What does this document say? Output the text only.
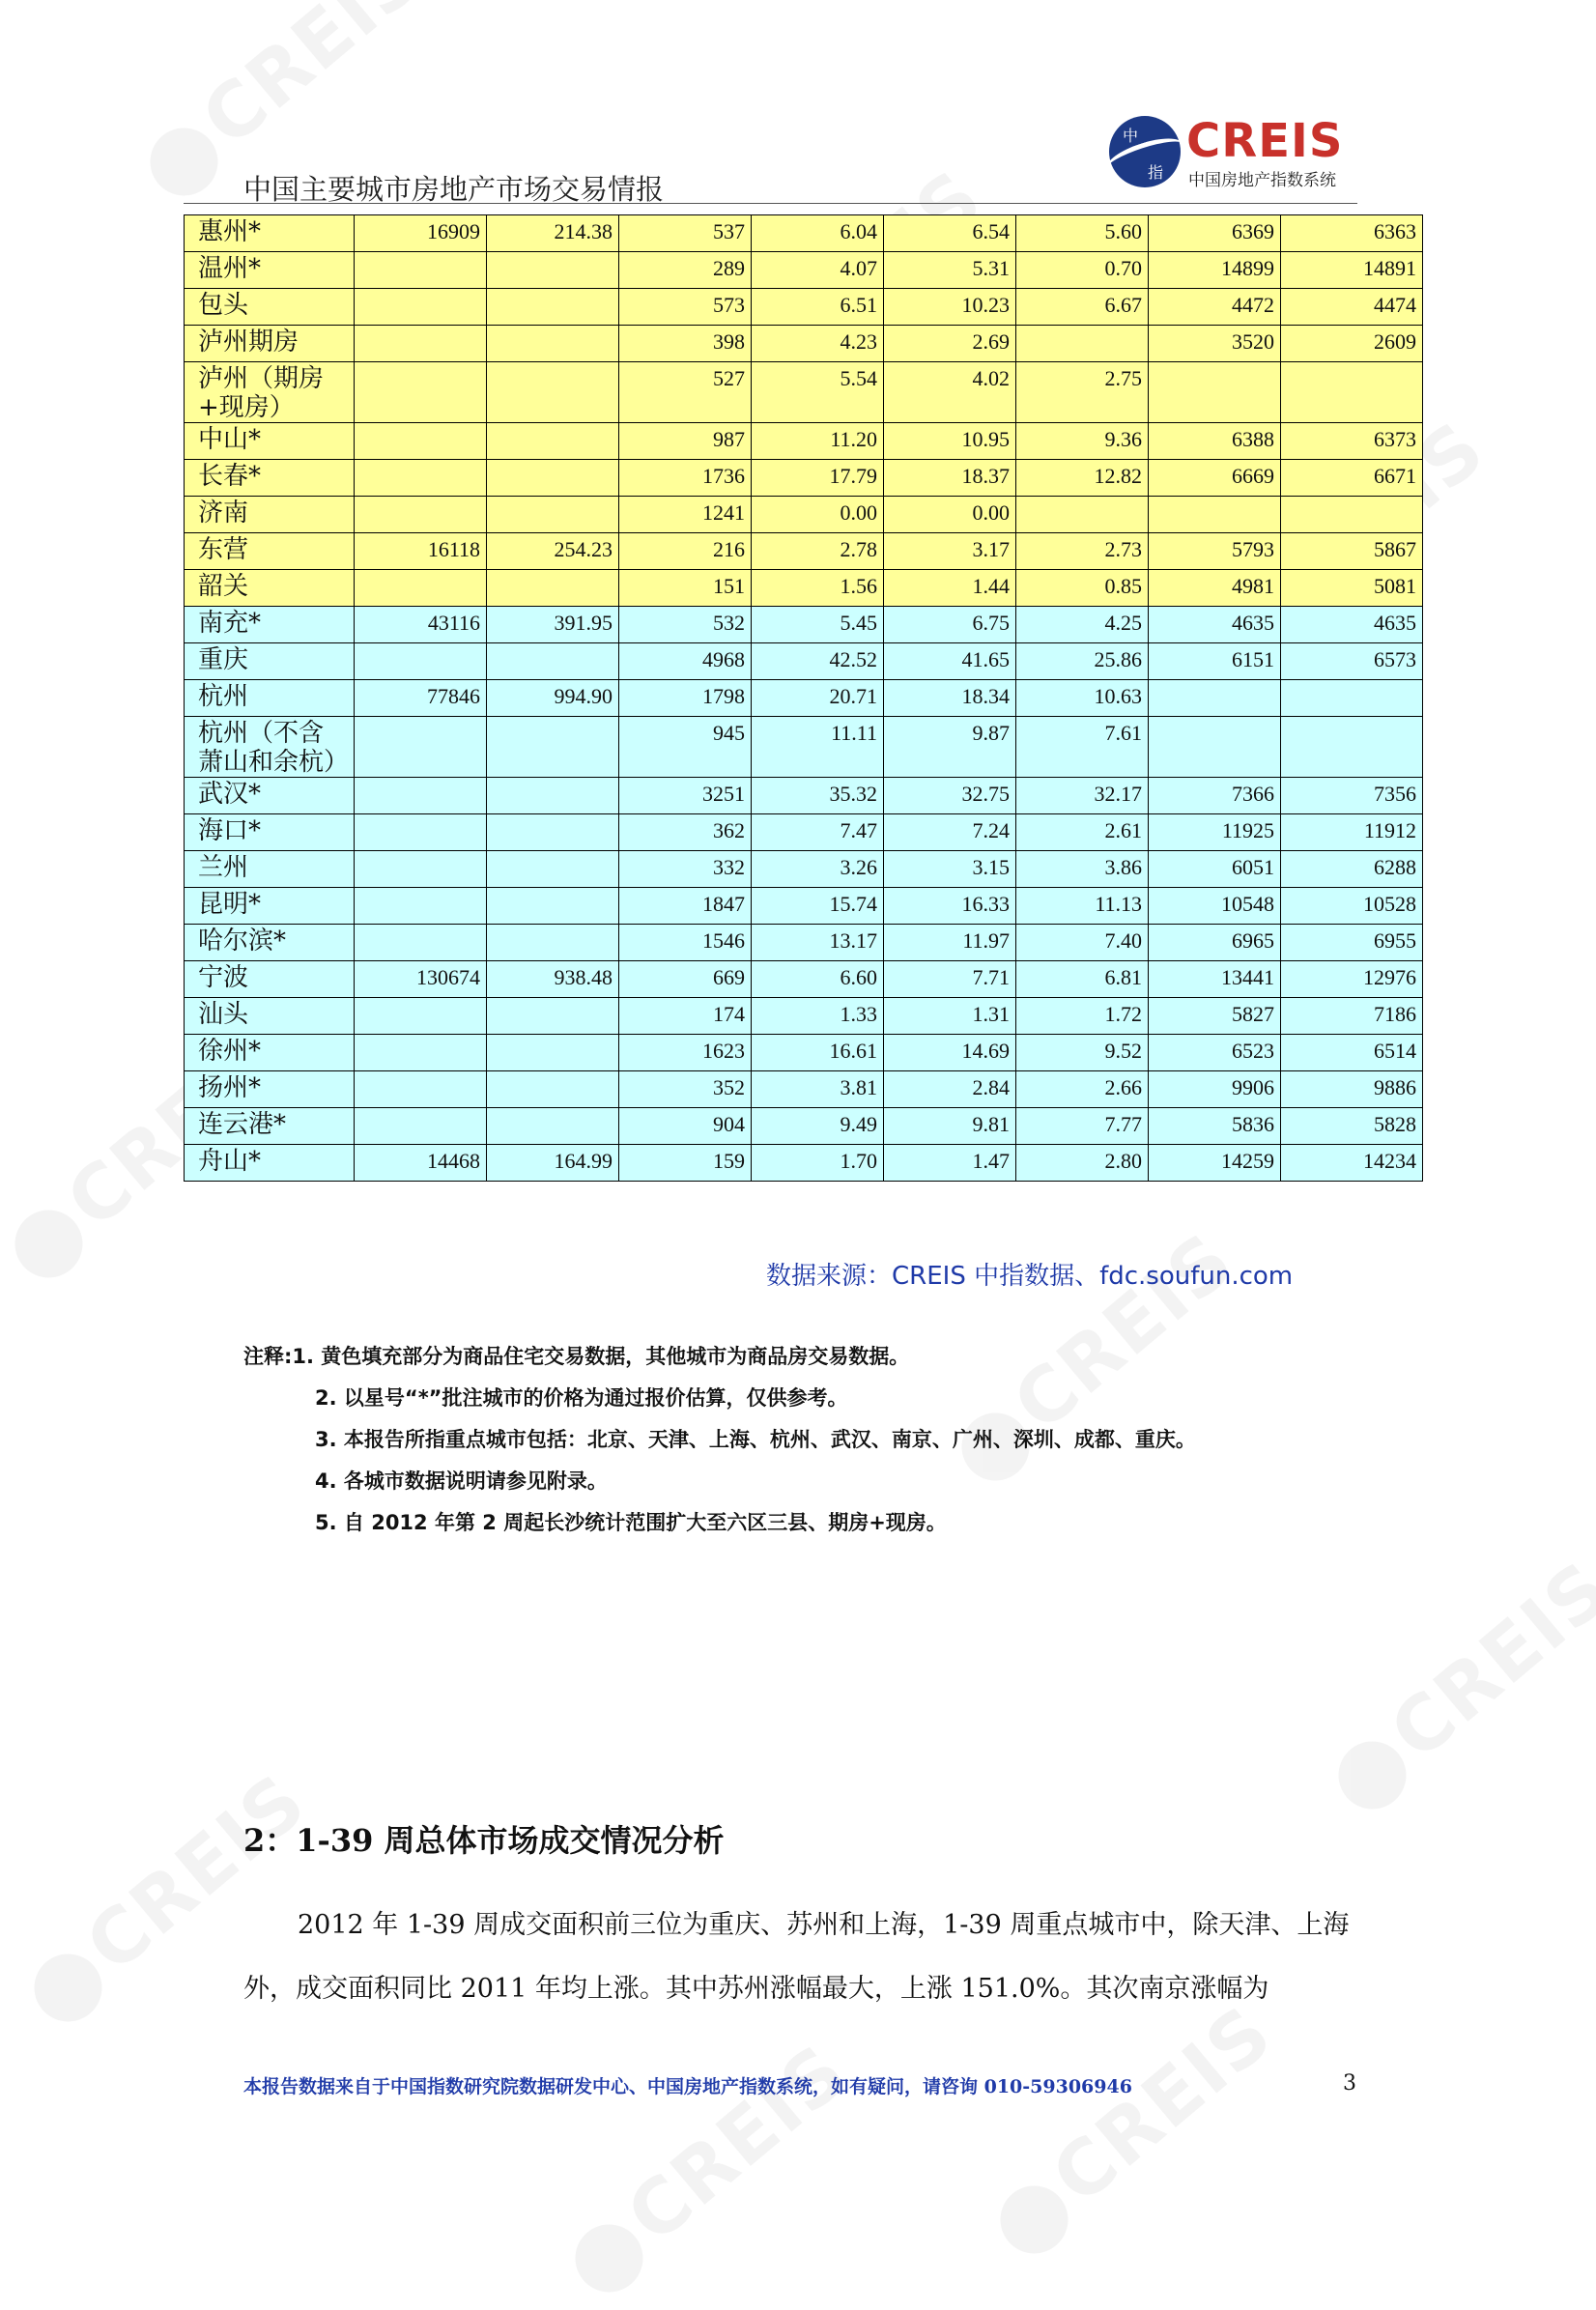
中
指
CREIS
中国房地产指数系统
中国主要城市房地产市场交易情报
惠州*	16909	214.38	537	6.04	6.54	5.60	6369	6363
温州*			289	4.07	5.31	0.70	14899	14891
包头			573	6.51	10.23	6.67	4472	4474
泸州期房			398	4.23	2.69		3520	2609
泸州（期房+现房）			527	5.54	4.02	2.75		
中山*			987	11.20	10.95	9.36	6388	6373
长春*			1736	17.79	18.37	12.82	6669	6671
济南			1241	0.00	0.00			
东营	16118	254.23	216	2.78	3.17	2.73	5793	5867
韶关			151	1.56	1.44	0.85	4981	5081
南充*	43116	391.95	532	5.45	6.75	4.25	4635	4635
重庆			4968	42.52	41.65	25.86	6151	6573
杭州	77846	994.90	1798	20.71	18.34	10.63		
杭州（不含萧山和余杭）			945	11.11	9.87	7.61		
武汉*			3251	35.32	32.75	32.17	7366	7356
海口*			362	7.47	7.24	2.61	11925	11912
兰州			332	3.26	3.15	3.86	6051	6288
昆明*			1847	15.74	16.33	11.13	10548	10528
哈尔滨*			1546	13.17	11.97	7.40	6965	6955
宁波	130674	938.48	669	6.60	7.71	6.81	13441	12976
汕头			174	1.33	1.31	1.72	5827	7186
徐州*			1623	16.61	14.69	9.52	6523	6514
扬州*			352	3.81	2.84	2.66	9906	9886
连云港*			904	9.49	9.81	7.77	5836	5828
舟山*	14468	164.99	159	1.70	1.47	2.80	14259	14234
数据来源：CREIS 中指数据、fdc.soufun.com
注释:1. 黄色填充部分为商品住宅交易数据，其他城市为商品房交易数据。
2. 以星号“*”批注城市的价格为通过报价估算，仅供参考。
3. 本报告所指重点城市包括：北京、天津、上海、杭州、武汉、南京、广州、深圳、成都、重庆。
4. 各城市数据说明请参见附录。
5. 自 2012 年第 2 周起长沙统计范围扩大至六区三县、期房+现房。
2：1-39 周总体市场成交情况分析
2012 年 1-39 周成交面积前三位为重庆、苏州和上海，1-39 周重点城市中，除天津、上海外，成交面积同比 2011 年均上涨。其中苏州涨幅最大，上涨 151.0%。其次南京涨幅为
本报告数据来自于中国指数研究院数据研发中心、中国房地产指数系统，如有疑问，请咨询 010-59306946	3
